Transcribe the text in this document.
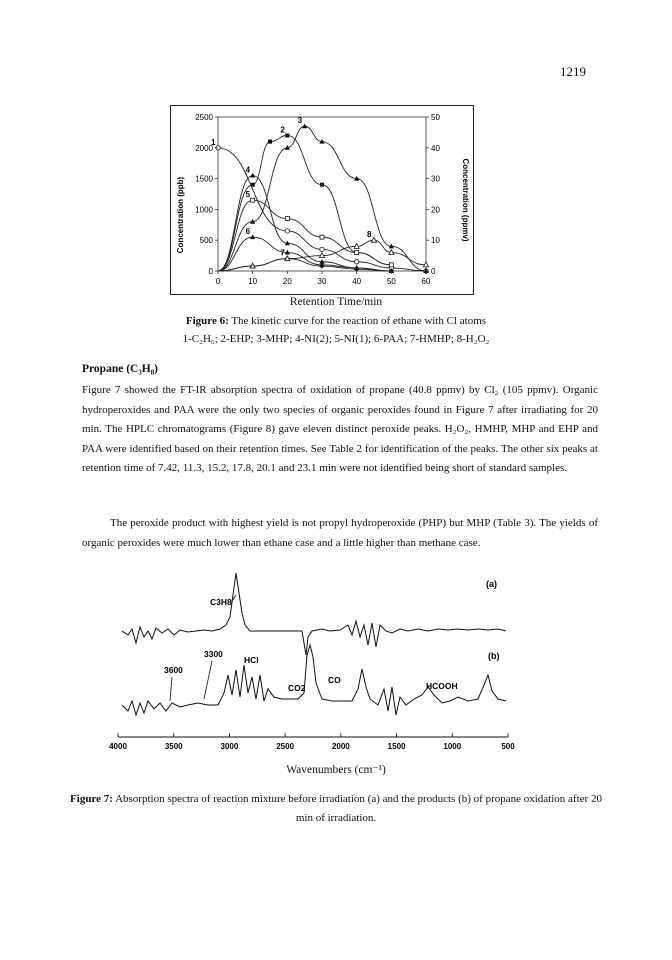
1219
1
2
3
4
5
6
7
8
0
500
1000
1500
2000
2500
0
10
20
30
40
50
0	10	20	30	40	50	60
Concentration (ppb)	Concentration (ppmv)
Retention Time/min
Figure 6: The kinetic curve for the reaction of ethane with Cl atoms
1-C₂H₆; 2-EHP; 3-MHP; 4-NI(2); 5-NI(1); 6-PAA; 7-HMHP; 8-H₂O₂
Propane (C₃H₈)
Figure 7 showed the FT-IR absorption spectra of oxidation of propane (40.8 ppmv) by Cl₂ (105 ppmv). Organic hydroperoxides and PAA were the only two species of organic peroxides found in Figure 7 after irradiating for 20 min. The HPLC chromatograms (Figure 8) gave eleven distinct peroxide peaks. H₂O₂, HMHP, MHP and EHP and PAA were identified based on their retention times. See Table 2 for identification of the peaks. The other six peaks at retention time of 7.42, 11.3, 15.2, 17.8, 20.1 and 23.1 min were not identified being short of standard samples.
The peroxide product with highest yield is not propyl hydroperoxide (PHP) but MHP (Table 3). The yields of organic peroxides were much lower than ethane case and a little higher than methane case.
(a)
(b)
C3H8
3300
3600
HCl
CO2
CO
HCOOH
4000	3500	3000	2500	2000	1500	1000	500
Wavenumbers (cm⁻¹)
Figure 7: Absorption spectra of reaction mixture before irradiation (a) and the products (b) of propane oxidation after 20 min of irradiation.
